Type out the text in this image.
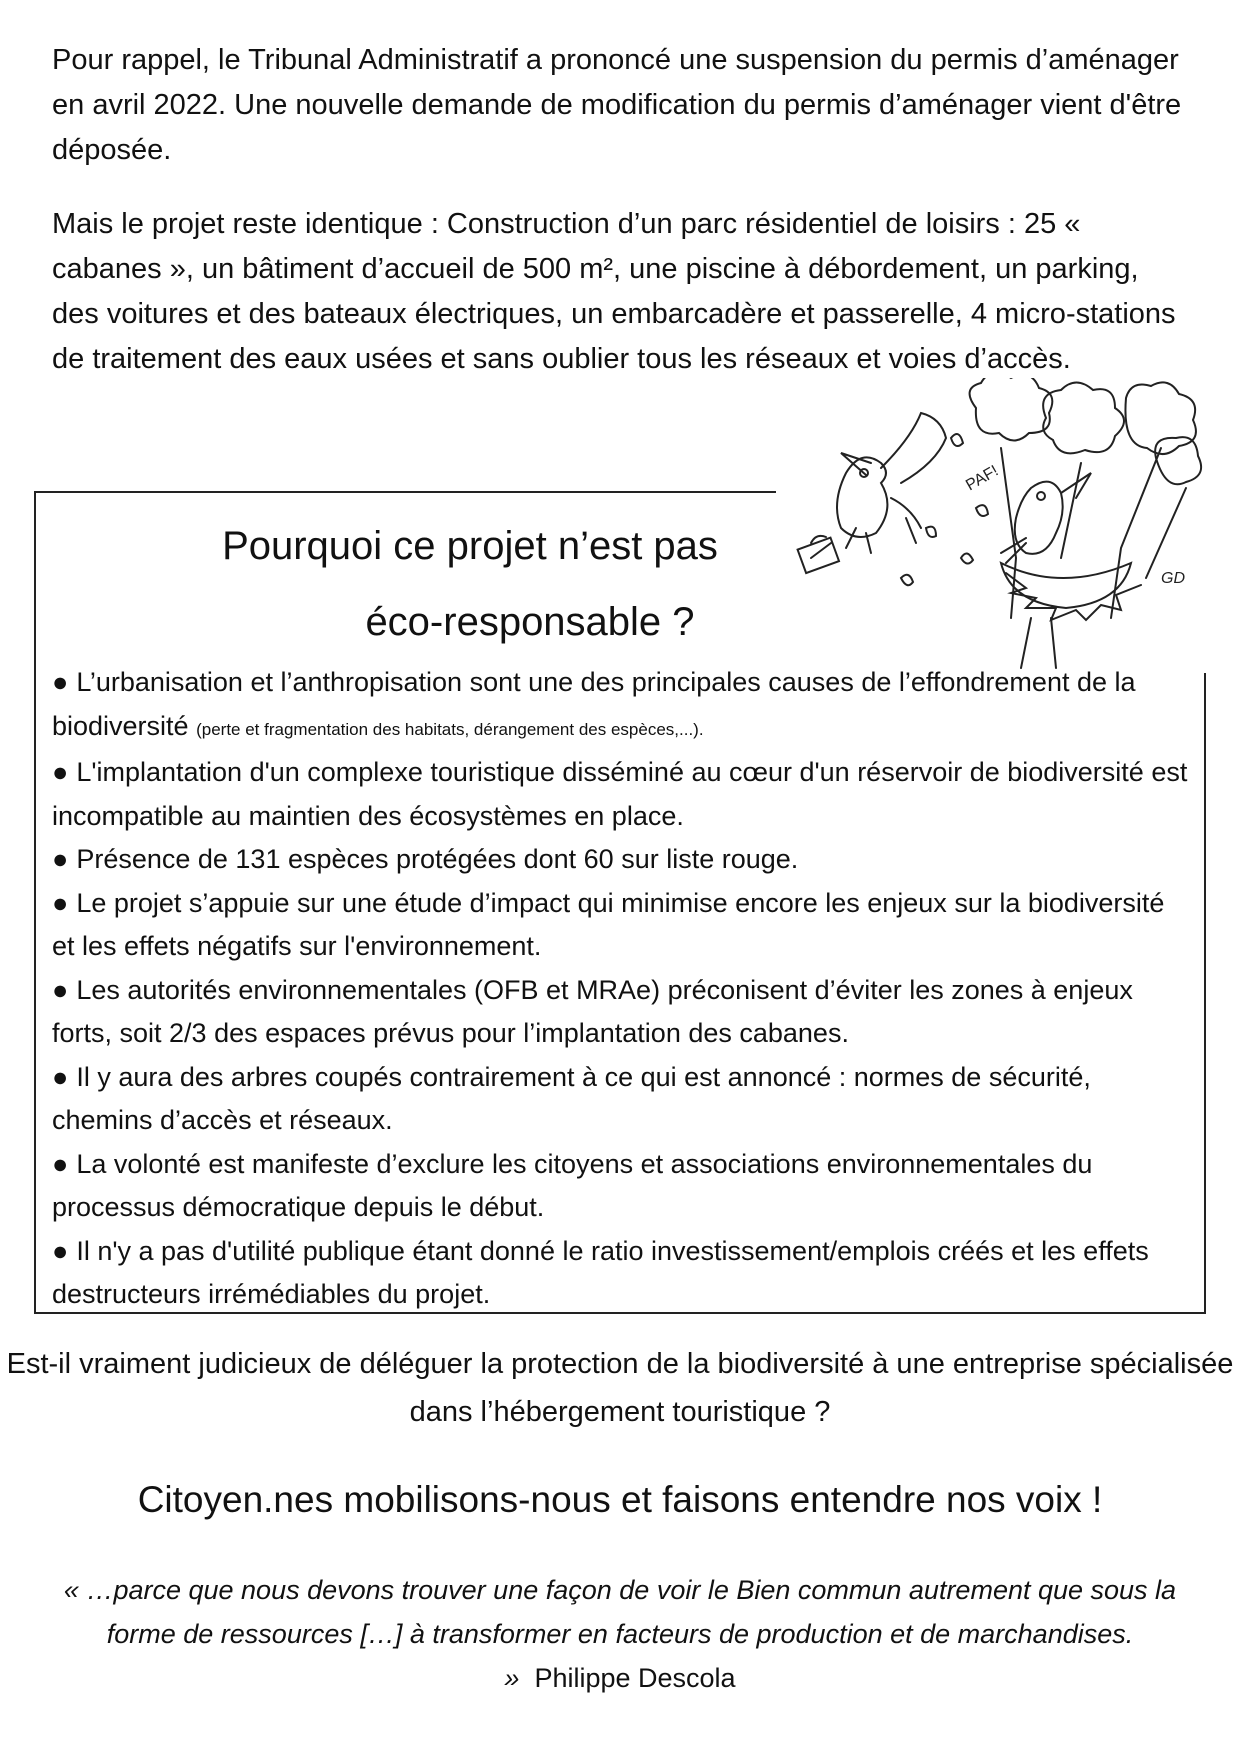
Pour rappel, le Tribunal Administratif a prononcé une suspension du permis d’aménager en avril 2022. Une nouvelle demande de modification du permis d’aménager vient d'être déposée.

Mais le projet reste identique : Construction d’un parc résidentiel de loisirs : 25 « cabanes », un bâtiment d’accueil de 500 m², une piscine à débordement, un parking, des voitures et des bateaux électriques, un embarcadère et passerelle, 4 micro-stations de traitement des eaux usées et sans oublier tous les réseaux et voies d’accès.

Pourquoi ce projet n’est pas
éco-responsable ?
PAF!
GD
● L’urbanisation et l’anthropisation sont une des principales causes de l’effondrement de la biodiversité (perte et fragmentation des habitats, dérangement des espèces,...).
● L'implantation d'un complexe touristique disséminé au cœur d'un réservoir de biodiversité est incompatible au maintien des écosystèmes en place.
● Présence de 131 espèces protégées dont 60 sur liste rouge.
● Le projet s’appuie sur une étude d’impact qui minimise encore les enjeux sur la biodiversité et les effets négatifs sur l'environnement.
● Les autorités environnementales (OFB et MRAe) préconisent d’éviter les zones à enjeux forts, soit 2/3 des espaces prévus pour l’implantation des cabanes.
● Il y aura des arbres coupés contrairement à ce qui est annoncé : normes de sécurité, chemins d’accès et réseaux.
● La volonté est manifeste d’exclure les citoyens et associations environnementales du processus démocratique depuis le début.
● Il n'y a pas d'utilité publique étant donné le ratio investissement/emplois créés et les effets destructeurs irrémédiables du projet.

Est-il vraiment judicieux de déléguer la protection de la biodiversité à une entreprise spécialisée dans l’hébergement touristique ?

Citoyen.nes mobilisons-nous et faisons entendre nos voix !

« …parce que nous devons trouver une façon de voir le Bien commun autrement que sous la forme de ressources […] à transformer en facteurs de production et de marchandises. » Philippe Descola
